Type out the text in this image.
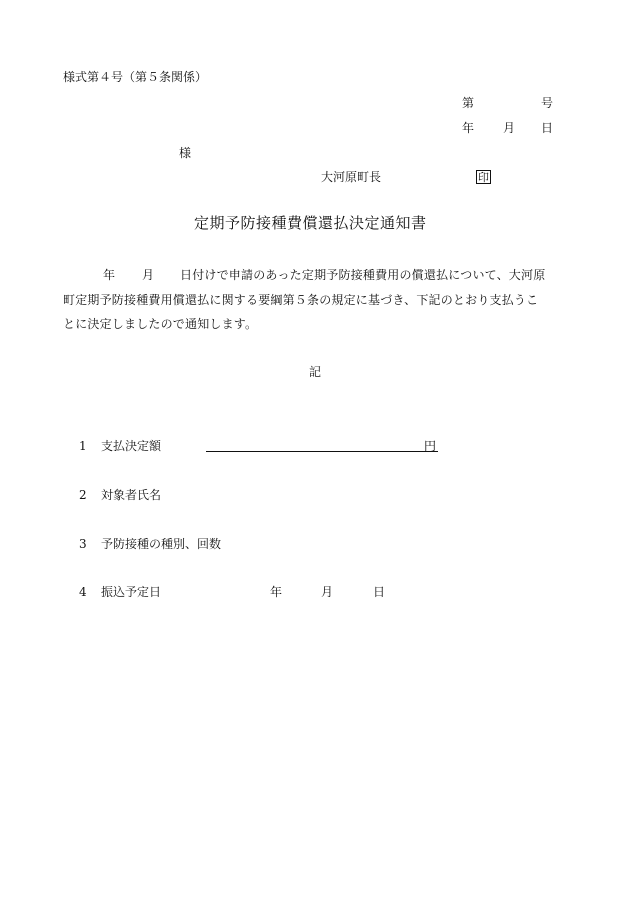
様式第４号（第５条関係）
第	号
年 月 日
様
大河原町長	印
定期予防接種費償還払決定通知書
年 月 日付けで申請のあった定期予防接種費用の償還払について、大河原
町定期予防接種費用償還払に関する要綱第５条の規定に基づき、下記のとおり支払うこ
とに決定しましたので通知します。
記
1 支払決定額	円
2 対象者氏名
3 予防接種の種別、回数
4 振込予定日	年	月	日
